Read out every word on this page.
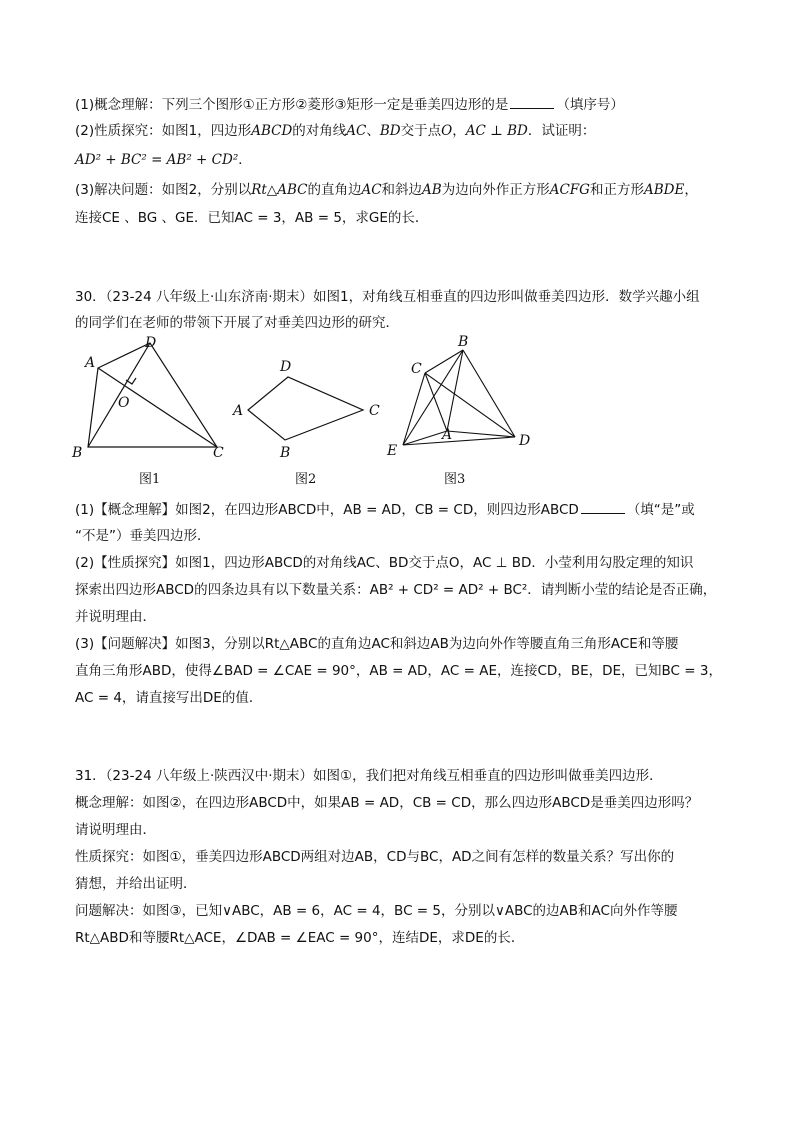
(1)概念理解：下列三个图形①正方形②菱形③矩形一定是垂美四边形的是	（填序号）
(2)性质探究：如图1，四边形ABCD的对角线AC、BD交于点O，AC ⊥ BD．试证明：
AD² + BC² = AB² + CD²．
(3)解决问题：如图2，分别以Rt△ABC的直角边AC和斜边AB为边向外作正方形ACFG和正方形ABDE，
连接CE 、BG 、GE．已知AC = 3，AB = 5，求GE的长．
30．（23-24 八年级上·山东济南·期末）如图1，对角线互相垂直的四边形叫做垂美四边形．数学兴趣小组
的同学们在老师的带领下开展了对垂美四边形的研究．
A
D
O
B	C
图1
D
A	C
B
图2
C
B
A	D
E
图3
(1)【概念理解】如图2，在四边形ABCD中，AB = AD，CB = CD，则四边形ABCD	（填“是”或
“不是”）垂美四边形．
(2)【性质探究】如图1，四边形ABCD的对角线AC、BD交于点O，AC ⊥ BD．小莹利用勾股定理的知识
探索出四边形ABCD的四条边具有以下数量关系：AB² + CD² = AD² + BC²．请判断小莹的结论是否正确，
并说明理由．
(3)【问题解决】如图3，分别以Rt△ABC的直角边AC和斜边AB为边向外作等腰直角三角形ACE和等腰
直角三角形ABD，使得∠BAD = ∠CAE = 90°，AB = AD，AC = AE，连接CD，BE，DE，已知BC = 3，
AC = 4，请直接写出DE的值．
31．（23-24 八年级上·陕西汉中·期末）如图①，我们把对角线互相垂直的四边形叫做垂美四边形．
概念理解：如图②，在四边形ABCD中，如果AB = AD，CB = CD，那么四边形ABCD是垂美四边形吗？
请说明理由．
性质探究：如图①，垂美四边形ABCD两组对边AB，CD与BC，AD之间有怎样的数量关系？写出你的
猜想，并给出证明．
问题解决：如图③，已知∨ABC，AB = 6，AC = 4，BC = 5，分别以∨ABC的边AB和AC向外作等腰
Rt△ABD和等腰Rt△ACE，∠DAB = ∠EAC = 90°，连结DE，求DE的长．
